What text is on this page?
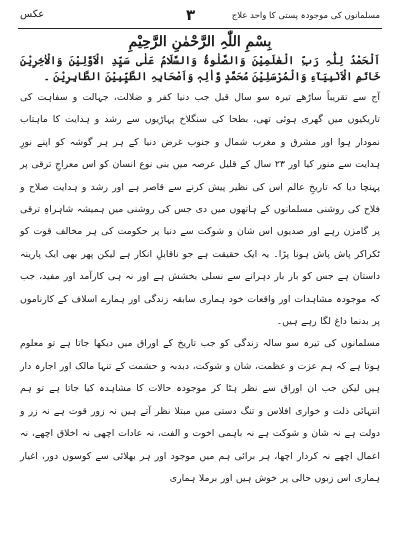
مسلمانوں کی موجودہ پستی کا واحد علاج
٣
عکس
بِسْمِ اللّٰہِ الرَّحْمٰنِ الرَّحِیْمِ
اَلْحَمْدُ لِلّٰہِ رَبِّ الْعٰلَمِیْنَ وَالصَّلٰوۃُ وَالسَّلَامُ عَلٰی سَیِّدِ الْاَوَّلِیْنَ وَالْاٰخِرِیْنَ خَاتَمِ الْاَنْبِیَآءِ وَالْمُرْسَلِیْنَ مُحَمَّدٍ وَّاٰلِہٖ وَاَصْحَابِہِ الطَّیِّبِیْنَ الطَّاہِرِیْنَ ۔

آج سے تقریباً ساڑھے تیرہ سو سال قبل جب دنیا کفر و ضلالت، جہالت و سفاہت کی تاریکیوں میں گھری ہوئی تھی، بطحا کی سنگلاخ پہاڑیوں سے رشد و ہدایت کا ماہتاب نمودار ہوا اور مشرق و مغرب شمال و جنوب غرض دنیا کے ہر ہر گوشہ کو اپنے نورِ ہدایت سے منور کیا اور ۲۳ سال کے قلیل عرصہ میں بنی نوع انسان کو اس معراجِ ترقی پر پہنچا دیا کہ تاریخِ عالم اس کی نظیر پیش کرنے سے قاصر ہے اور رشد و ہدایت صلاح و فلاح کی روشنی مسلمانوں کے ہاتھوں میں دی جس کی روشنی میں ہمیشہ شاہراہِ ترقی پر گامزن رہے اور صدیوں اس شان و شوکت سے دنیا پر حکومت کی ہر مخالف قوت کو ٹکراکر پاش پاش ہونا پڑا۔ یہ ایک حقیقت ہے جو ناقابلِ انکار ہے لیکن پھر بھی ایک پارینہ داستان ہے جس کو بار بار دہرانے سے نسلی بخشش ہے اور نہ ہی کارآمد اور مفید، جب کہ موجودہ مشاہدات اور واقعات خود ہماری سابقہ زندگی اور ہمارے اسلاف کے کارناموں پر بدنما داغ لگا رہے ہیں۔

مسلمانوں کی تیرہ سو سالہ زندگی کو جب تاریخ کے اوراق میں دیکھا جاتا ہے تو معلوم ہوتا ہے کہ ہم عزت و عظمت، شان و شوکت، دبدبہ و حشمت کے تنہا مالک اور اجارہ دار ہیں لیکن جب ان اوراق سے نظر ہٹا کر موجودہ حالات کا مشاہدہ کیا جاتا ہے تو ہم انتہائی ذلت و خواری افلاس و تنگ دستی میں مبتلا نظر آتے ہیں نہ زور قوت ہے نہ زر و دولت ہے نہ شان و شوکت ہے نہ باہمی اخوت و الفت، نہ عادات اچھی نہ اخلاق اچھے، نہ اعمال اچھے نہ کردار اچھا، ہر برائی ہم میں موجود اور ہر بھلائی سے کوسوں دور، اغیار ہماری اس زبوں حالی پر خوش ہیں اور برملا ہماری
